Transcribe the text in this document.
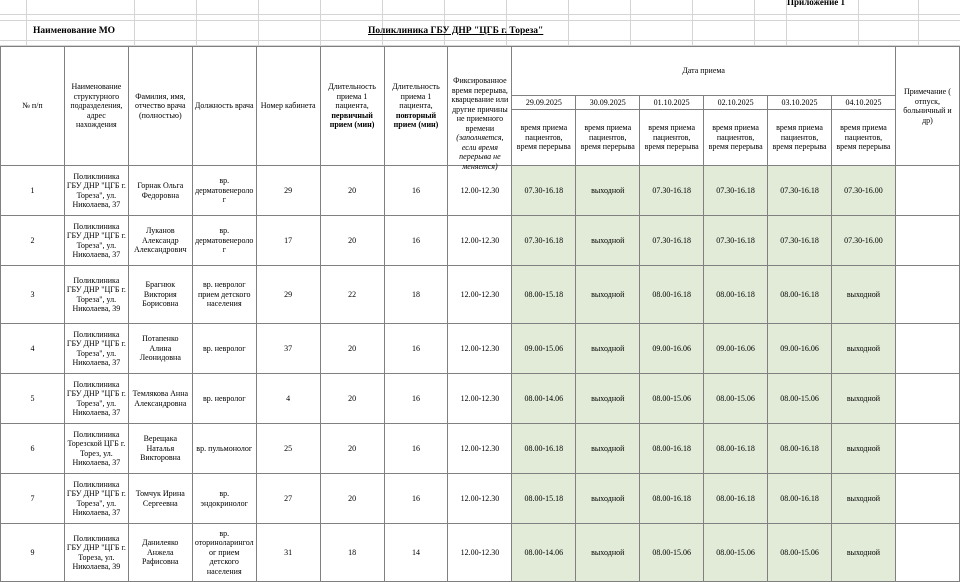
Приложение 1
Наименование МО	Поликлиника ГБУ ДНР "ЦГБ г. Тореза"
№ п/п	Наименование структурного подразделения, адрес нахождения	Фамилия, имя, отчество врача (полностью)	Должность врача	Номер кабинета	Длительность приема 1 пациента, первичный прием (мин)	Длительность приема 1 пациента, повторный прием (мин)	Фиксированное время перерыва, кварцевание или другие причины не приемного времени (заполняется, если время перерыва не меняется)	Дата приема						Примечание ( отпуск, больничный и др)
								29.09.2025	30.09.2025	01.10.2025	02.10.2025	03.10.2025	04.10.2025	
								время приема пациентов, время перерыва	время приема пациентов, время перерыва	время приема пациентов, время перерыва	время приема пациентов, время перерыва	время приема пациентов, время перерыва	время приема пациентов, время перерыва	
1	Поликлиника ГБУ ДНР "ЦГБ г. Тореза", ул. Николаева, 37	Горнак Ольга Федоровна	вр. дерматовенеролог	29	20	16	12.00-12.30	07.30-16.18	выходной	07.30-16.18	07.30-16.18	07.30-16.18	07.30-16.00	
2	Поликлиника ГБУ ДНР "ЦГБ г. Тореза", ул. Николаева, 37	Луканов Александр Александрович	вр. дерматовенеролог	17	20	16	12.00-12.30	07.30-16.18	выходной	07.30-16.18	07.30-16.18	07.30-16.18	07.30-16.00	
3	Поликлиника ГБУ ДНР "ЦГБ г. Тореза", ул. Николаева, 39	Брагнюк Виктория Борисовна	вр. невролог прием детского населения	29	22	18	12.00-12.30	08.00-15.18	выходной	08.00-16.18	08.00-16.18	08.00-16.18	выходной	
4	Поликлиника ГБУ ДНР "ЦГБ г. Тореза", ул. Николаева, 37	Потапенко Алина Леонидовна	вр. невролог	37	20	16	12.00-12.30	09.00-15.06	выходной	09.00-16.06	09.00-16.06	09.00-16.06	выходной	
5	Поликлиника ГБУ ДНР "ЦГБ г. Тореза", ул. Николаева, 37	Темлякова Анна Александровна	вр. невролог	4	20	16	12.00-12.30	08.00-14.06	выходной	08.00-15.06	08.00-15.06	08.00-15.06	выходной	
6	Поликлиника Торезской ЦГБ г. Торез, ул. Николаева, 37	Верещака Наталья Викторовна	вр. пульмонолог	25	20	16	12.00-12.30	08.00-16.18	выходной	08.00-16.18	08.00-16.18	08.00-16.18	выходной	
7	Поликлиника ГБУ ДНР "ЦГБ г. Тореза", ул. Николаева, 37	Томчук Ирина Сергеевна	вр. эндокринолог	27	20	16	12.00-12.30	08.00-15.18	выходной	08.00-16.18	08.00-16.18	08.00-16.18	выходной	
9	Поликлиника ГБУ ДНР "ЦГБ г. Тореза, ул. Николаева, 39	Данилеяко Анжела Рафисовна	вр. оториноларинголог прием детского населения	31	18	14	12.00-12.30	08.00-14.06	выходной	08.00-15.06	08.00-15.06	08.00-15.06	выходной	
